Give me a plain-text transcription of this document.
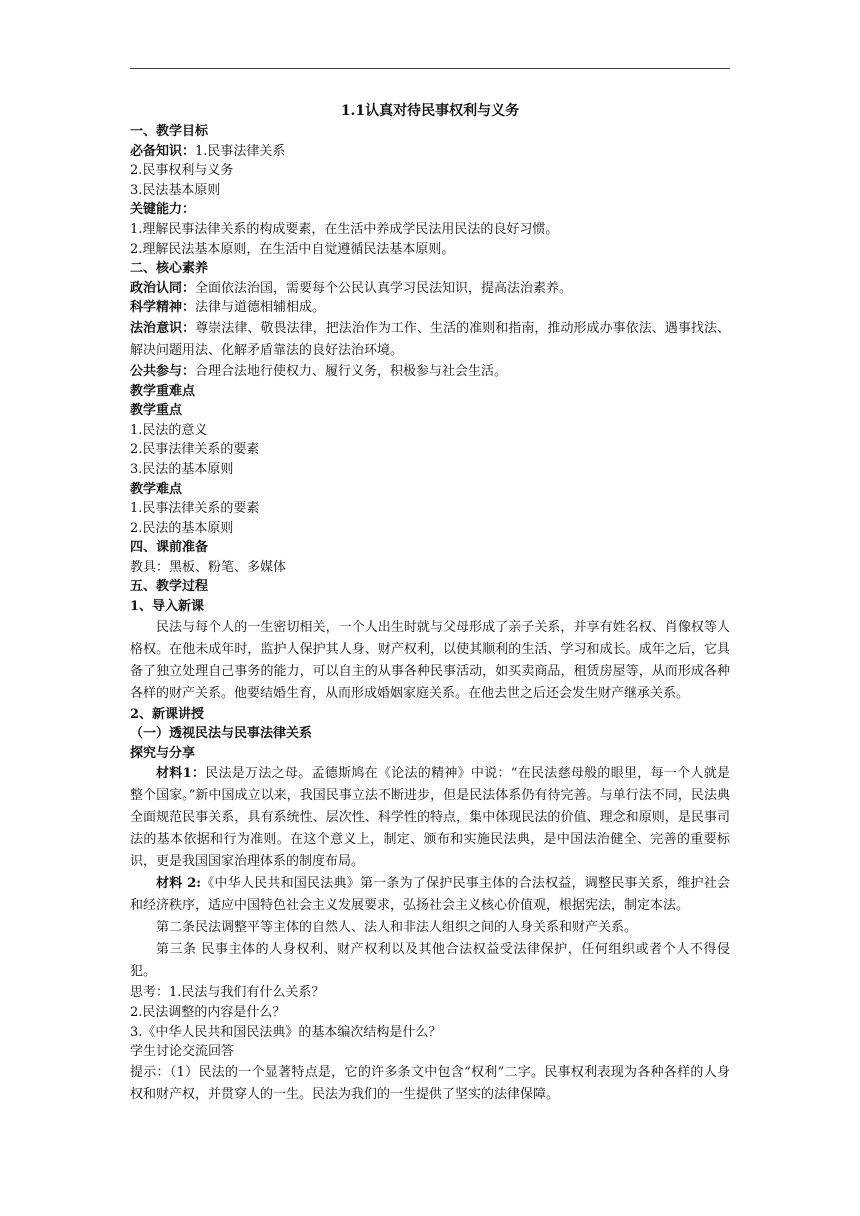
1.1认真对待民事权利与义务
一、教学目标
必备知识：1.民事法律关系
2.民事权利与义务
3.民法基本原则
关键能力：
1.理解民事法律关系的构成要素，在生活中养成学民法用民法的良好习惯。
2.理解民法基本原则，在生活中自觉遵循民法基本原则。
二、核心素养
政治认同：全面依法治国，需要每个公民认真学习民法知识，提高法治素养。
科学精神：法律与道德相辅相成。
法治意识：尊崇法律、敬畏法律，把法治作为工作、生活的准则和指南，推动形成办事依法、遇事找法、解决问题用法、化解矛盾靠法的良好法治环境。
公共参与：合理合法地行使权力、履行义务，积极参与社会生活。
教学重难点
教学重点
1.民法的意义
2.民事法律关系的要素
3.民法的基本原则
教学难点
1.民事法律关系的要素
2.民法的基本原则
四、课前准备
教具：黑板、粉笔、多媒体
五、教学过程
1、导入新课
民法与每个人的一生密切相关，一个人出生时就与父母形成了亲子关系，并享有姓名权、肖像权等人格权。在他未成年时，监护人保护其人身、财产权利，以使其顺利的生活、学习和成长。成年之后，它具备了独立处理自己事务的能力，可以自主的从事各种民事活动，如买卖商品，租赁房屋等，从而形成各种各样的财产关系。他要结婚生育，从而形成婚姻家庭关系。在他去世之后还会发生财产继承关系。
2、新课讲授
（一）透视民法与民事法律关系
探究与分享
材料1：民法是万法之母。孟德斯鸠在《论法的精神》中说：“在民法慈母般的眼里，每一个人就是整个国家。”新中国成立以来，我国民事立法不断进步，但是民法体系仍有待完善。与单行法不同，民法典全面规范民事关系，具有系统性、层次性、科学性的特点，集中体现民法的价值、理念和原则，是民事司法的基本依据和行为准则。在这个意义上，制定、颁布和实施民法典，是中国法治健全、完善的重要标识，更是我国国家治理体系的制度布局。
材料 2:《中华人民共和国民法典》第一条为了保护民事主体的合法权益，调整民事关系，维护社会和经济秩序，适应中国特色社会主义发展要求，弘扬社会主义核心价值观，根据宪法，制定本法。
第二条民法调整平等主体的自然人、法人和非法人组织之间的人身关系和财产关系。
第三条 民事主体的人身权利、财产权利以及其他合法权益受法律保护，任何组织或者个人不得侵犯。
思考：1.民法与我们有什么关系？
2.民法调整的内容是什么？
3.《中华人民共和国民法典》的基本编次结构是什么？
学生讨论交流回答
提示：（1）民法的一个显著特点是，它的许多条文中包含“权利”二字。民事权利表现为各种各样的人身权和财产权，并贯穿人的一生。民法为我们的一生提供了坚实的法律保障。
